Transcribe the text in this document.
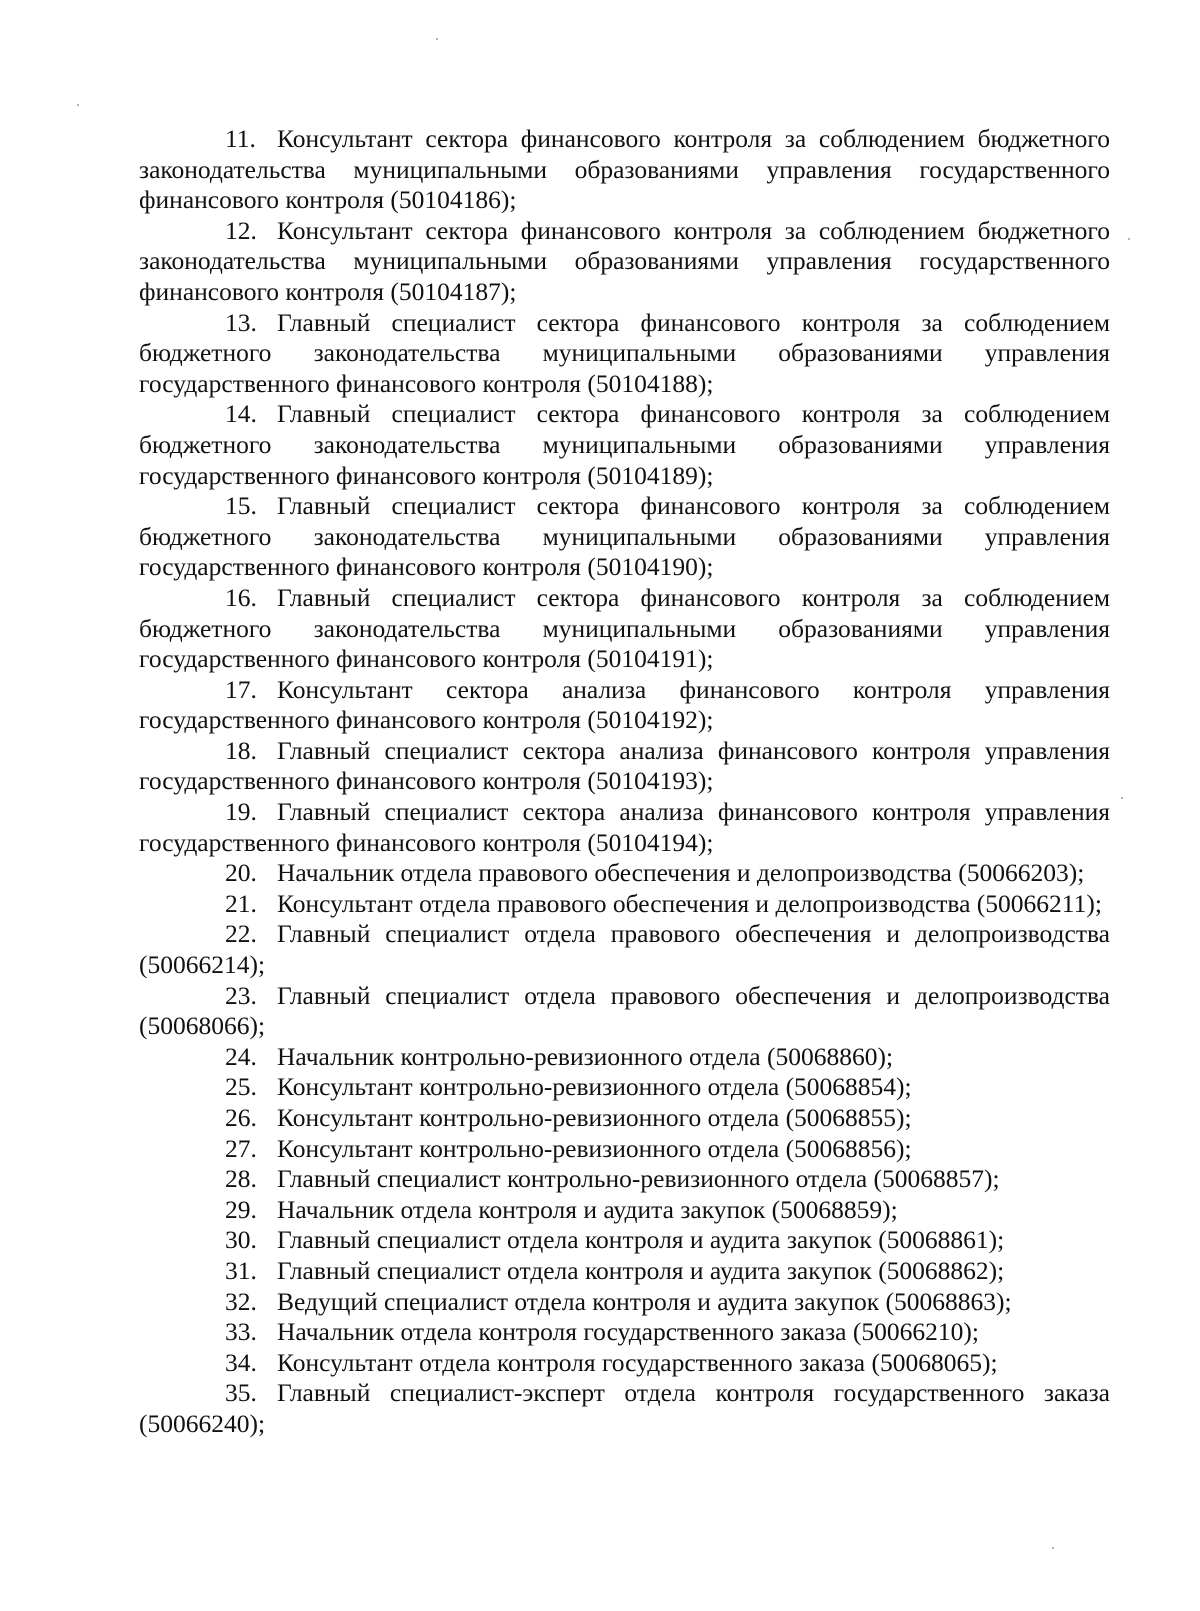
11. Консультант сектора финансового контроля за соблюдением бюджетного законодательства муниципальными образованиями управления государственного финансового контроля (50104186);

12. Консультант сектора финансового контроля за соблюдением бюджетного законодательства муниципальными образованиями управления государственного финансового контроля (50104187);

13. Главный специалист сектора финансового контроля за соблюдением бюджетного законодательства муниципальными образованиями управления государственного финансового контроля (50104188);

14. Главный специалист сектора финансового контроля за соблюдением бюджетного законодательства муниципальными образованиями управления государственного финансового контроля (50104189);

15. Главный специалист сектора финансового контроля за соблюдением бюджетного законодательства муниципальными образованиями управления государственного финансового контроля (50104190);

16. Главный специалист сектора финансового контроля за соблюдением бюджетного законодательства муниципальными образованиями управления государственного финансового контроля (50104191);

17. Консультант сектора анализа финансового контроля управления государственного финансового контроля (50104192);

18. Главный специалист сектора анализа финансового контроля управления государственного финансового контроля (50104193);

19. Главный специалист сектора анализа финансового контроля управления государственного финансового контроля (50104194);

20. Начальник отдела правового обеспечения и делопроизводства (50066203);

21. Консультант отдела правового обеспечения и делопроизводства (50066211);

22. Главный специалист отдела правового обеспечения и делопроизводства (50066214);

23. Главный специалист отдела правового обеспечения и делопроизводства (50068066);

24. Начальник контрольно-ревизионного отдела (50068860);

25. Консультант контрольно-ревизионного отдела (50068854);

26. Консультант контрольно-ревизионного отдела (50068855);

27. Консультант контрольно-ревизионного отдела (50068856);

28. Главный специалист контрольно-ревизионного отдела (50068857);

29. Начальник отдела контроля и аудита закупок (50068859);

30. Главный специалист отдела контроля и аудита закупок (50068861);

31. Главный специалист отдела контроля и аудита закупок (50068862);

32. Ведущий специалист отдела контроля и аудита закупок (50068863);

33. Начальник отдела контроля государственного заказа (50066210);

34. Консультант отдела контроля государственного заказа (50068065);

35. Главный специалист-эксперт отдела контроля государственного заказа (50066240);
